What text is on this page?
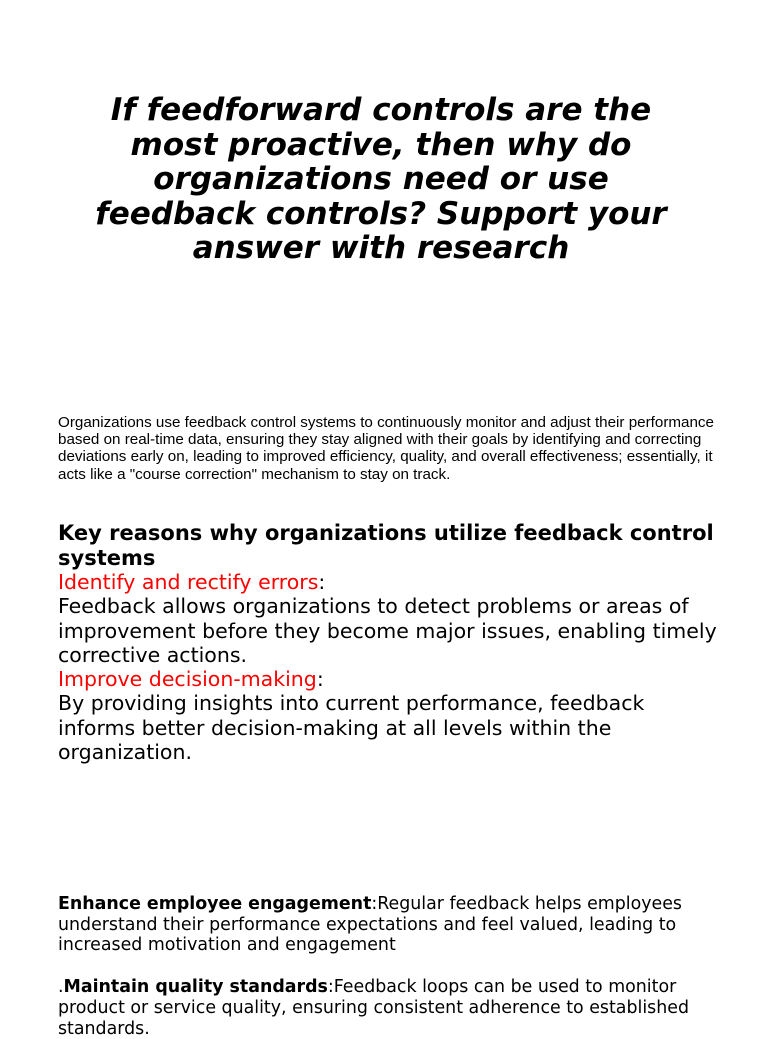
If feedforward controls are the most proactive, then why do organizations need or use feedback controls? Support your answer with research

Organizations use feedback control systems to continuously monitor and adjust their performance based on real-time data, ensuring they stay aligned with their goals by identifying and correcting deviations early on, leading to improved efficiency, quality, and overall effectiveness; essentially, it acts like a "course correction" mechanism to stay on track.

Key reasons why organizations utilize feedback control systems

Identify and rectify errors:

Feedback allows organizations to detect problems or areas of improvement before they become major issues, enabling timely corrective actions.

Improve decision-making:

By providing insights into current performance, feedback informs better decision-making at all levels within the organization.

Enhance employee engagement:Regular feedback helps employees understand their performance expectations and feel valued, leading to increased motivation and engagement

.Maintain quality standards:Feedback loops can be used to monitor product or service quality, ensuring consistent adherence to established standards.
